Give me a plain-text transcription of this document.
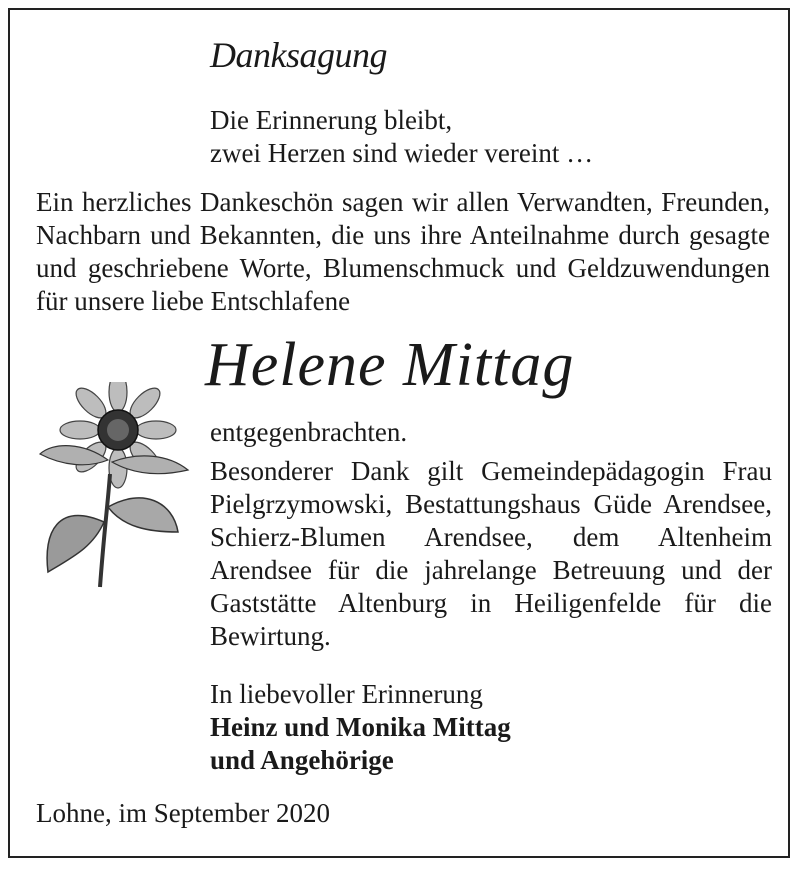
Danksagung
Die Erinnerung bleibt,
zwei Herzen sind wieder vereint …
Ein herzliches Dankeschön sagen wir allen Verwandten, Freunden, Nachbarn und Bekannten, die uns ihre Anteilnahme durch gesagte und geschriebene Worte, Blumenschmuck und Geldzuwendungen für unsere liebe Entschlafene
Helene Mittag

entgegenbrachten.

Besonderer Dank gilt Gemeindepädagogin Frau Pielgrzymowski, Bestattungshaus Güde Arendsee, Schierz-Blumen Arendsee, dem Altenheim Arendsee für die jahrelange Betreuung und der Gaststätte Altenburg in Heiligenfelde für die Bewirtung.

In liebevoller Erinnerung
Heinz und Monika Mittag
und Angehörige
Lohne, im September 2020
